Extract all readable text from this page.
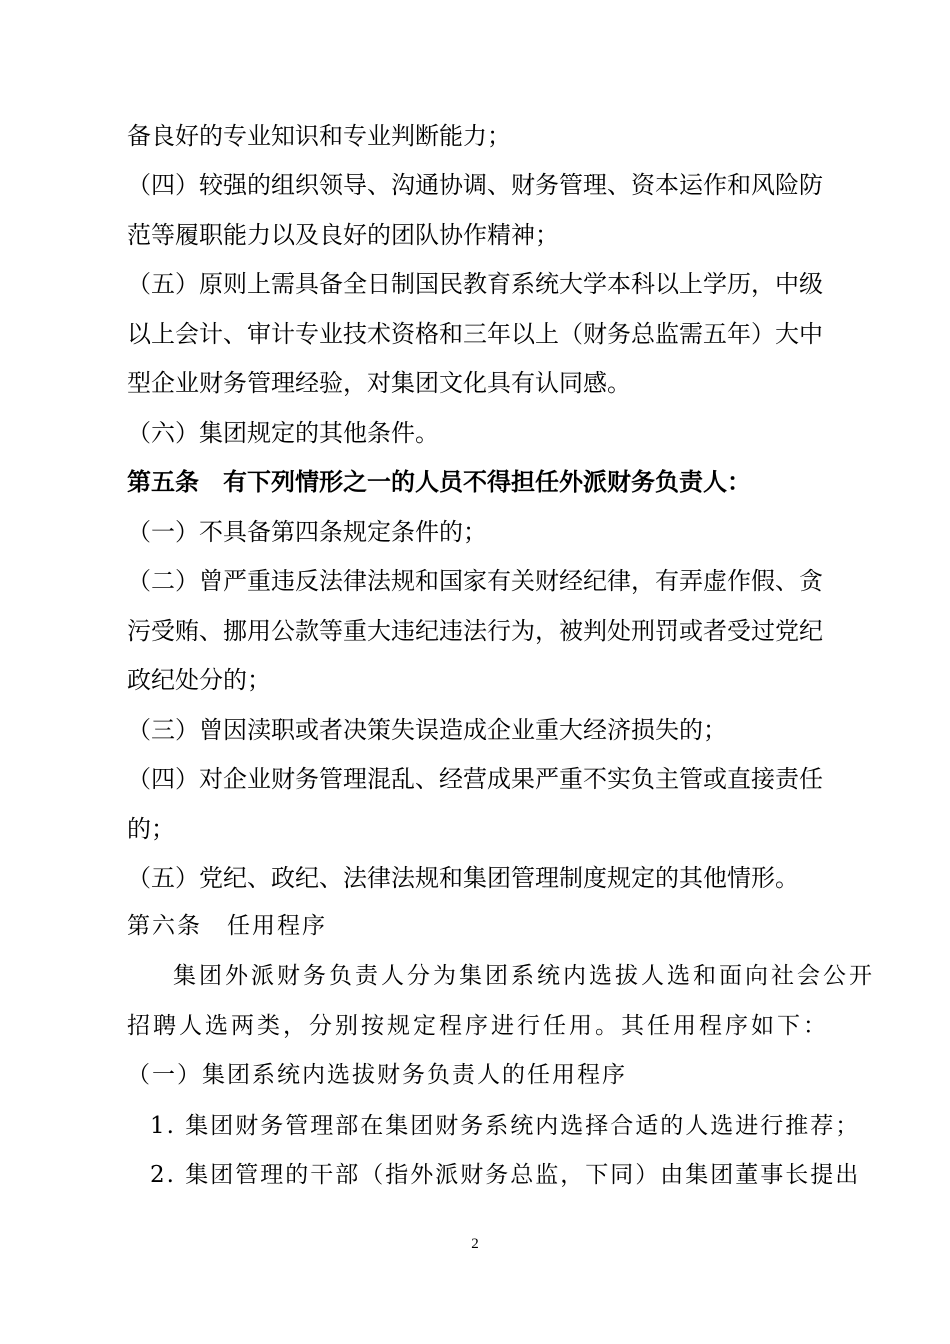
备良好的专业知识和专业判断能力；
（四）较强的组织领导、沟通协调、财务管理、资本运作和风险防
范等履职能力以及良好的团队协作精神；
（五）原则上需具备全日制国民教育系统大学本科以上学历，中级
以上会计、审计专业技术资格和三年以上（财务总监需五年）大中
型企业财务管理经验，对集团文化具有认同感。
（六）集团规定的其他条件。
第五条　有下列情形之一的人员不得担任外派财务负责人：
（一）不具备第四条规定条件的；
（二）曾严重违反法律法规和国家有关财经纪律，有弄虚作假、贪
污受贿、挪用公款等重大违纪违法行为，被判处刑罚或者受过党纪
政纪处分的；
（三）曾因渎职或者决策失误造成企业重大经济损失的；
（四）对企业财务管理混乱、经营成果严重不实负主管或直接责任
的；
（五）党纪、政纪、法律法规和集团管理制度规定的其他情形。
第六条　任用程序
集团外派财务负责人分为集团系统内选拔人选和面向社会公开
招聘人选两类，分别按规定程序进行任用。其任用程序如下：
（一）集团系统内选拔财务负责人的任用程序
1. 集团财务管理部在集团财务系统内选择合适的人选进行推荐；
2. 集团管理的干部（指外派财务总监，下同）由集团董事长提出
2
